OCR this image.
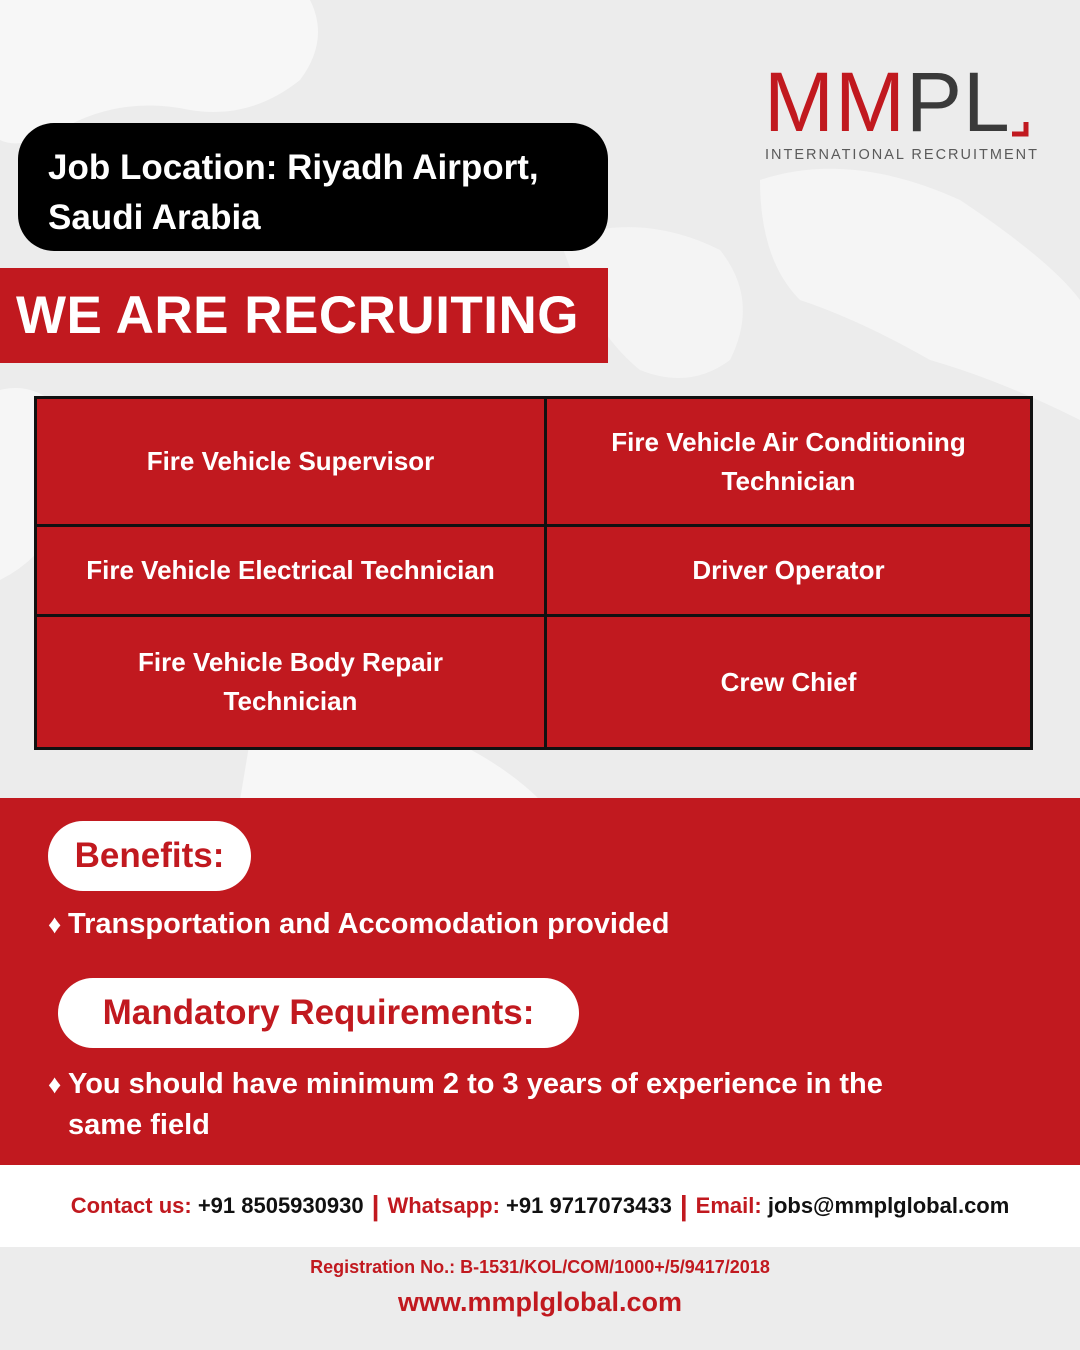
MMPL
INTERNATIONAL RECRUITMENT
Job Location: Riyadh Airport,
Saudi Arabia
WE ARE RECRUITING
Fire Vehicle Supervisor
Fire Vehicle Air Conditioning Technician
Fire Vehicle Electrical Technician	Driver Operator
Fire Vehicle Body Repair Technician
Crew Chief
Benefits:
♦ Transportation and Accomodation provided
Mandatory Requirements:
♦ You should have minimum 2 to 3 years of experience in the same field
Contact us:
+91 8505930930 | Whatsapp:
+91 9717073433 | Email:
jobs@mmplglobal.com
Registration No.: B-1531/KOL/COM/1000+/5/9417/2018
www.mmplglobal.com
